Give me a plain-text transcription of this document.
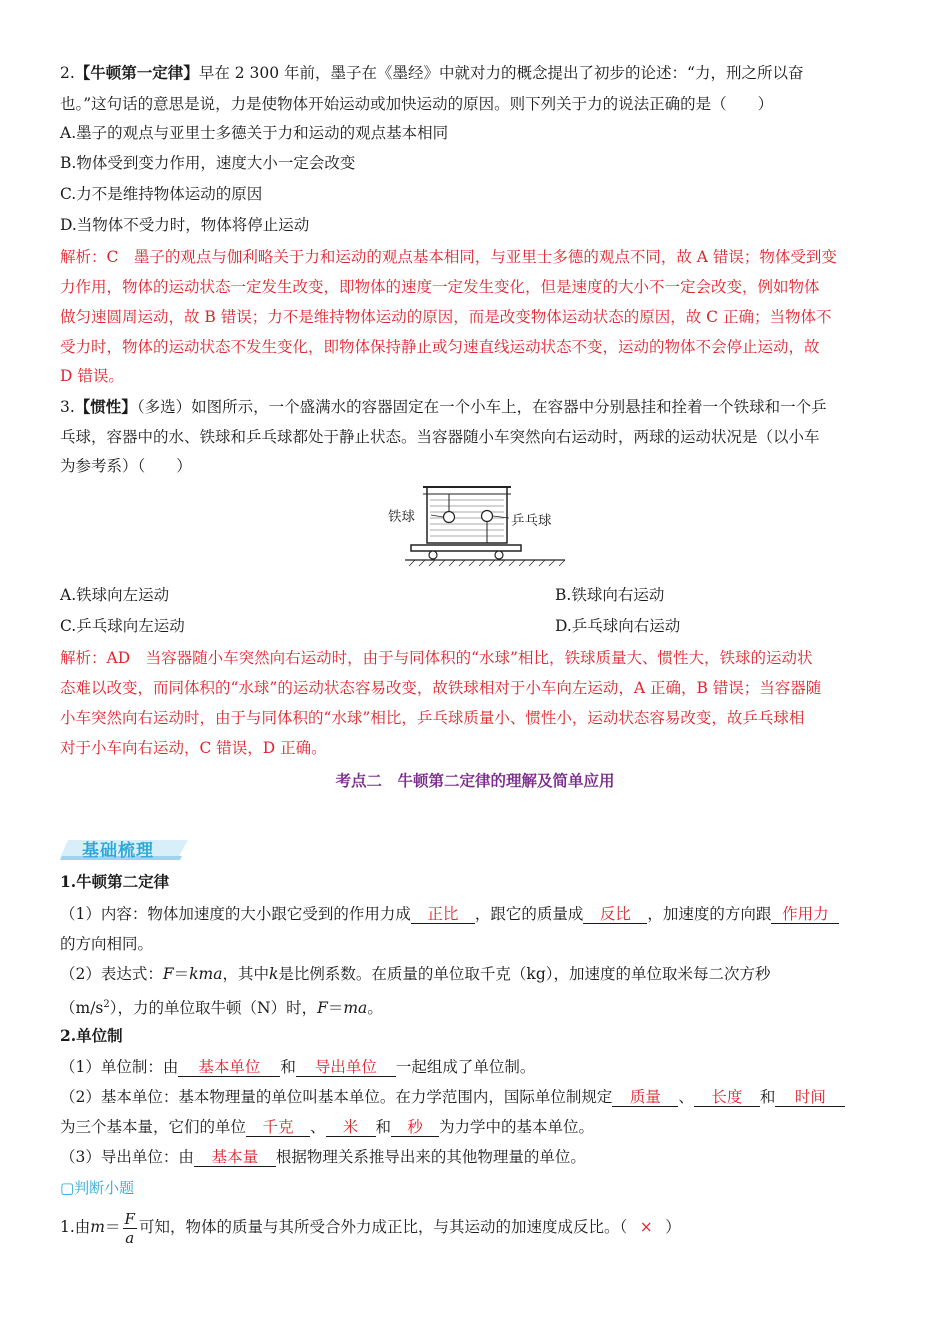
2.【牛顿第一定律】早在 2 300 年前，墨子在《墨经》中就对力的概念提出了初步的论述：“力，刑之所以奋
也。”这句话的意思是说，力是使物体开始运动或加快运动的原因。则下列关于力的说法正确的是（　　）
A.墨子的观点与亚里士多德关于力和运动的观点基本相同
B.物体受到变力作用，速度大小一定会改变
C.力不是维持物体运动的原因
D.当物体不受力时，物体将停止运动
解析：C　墨子的观点与伽利略关于力和运动的观点基本相同，与亚里士多德的观点不同，故 A 错误；物体受到变
力作用，物体的运动状态一定发生改变，即物体的速度一定发生变化，但是速度的大小不一定会改变，例如物体
做匀速圆周运动，故 B 错误；力不是维持物体运动的原因，而是改变物体运动状态的原因，故 C 正确；当物体不
受力时，物体的运动状态不发生变化，即物体保持静止或匀速直线运动状态不变，运动的物体不会停止运动，故
D 错误。
3.【惯性】（多选）如图所示，一个盛满水的容器固定在一个小车上，在容器中分别悬挂和拴着一个铁球和一个乒
乓球，容器中的水、铁球和乒乓球都处于静止状态。当容器随小车突然向右运动时，两球的运动状况是（以小车
为参考系）（　　）
铁球	乒乓球
A.铁球向左运动	B.铁球向右运动
C.乒乓球向左运动	D.乒乓球向右运动
解析：AD　当容器随小车突然向右运动时，由于与同体积的“水球”相比，铁球质量大、惯性大，铁球的运动状
态难以改变，而同体积的“水球”的运动状态容易改变，故铁球相对于小车向左运动，A 正确，B 错误；当容器随
小车突然向右运动时，由于与同体积的“水球”相比，乒乓球质量小、惯性小，运动状态容易改变，故乒乓球相
对于小车向右运动，C 错误，D 正确。
考点二　牛顿第二定律的理解及简单应用
基础梳理
1.牛顿第二定律
（1）内容：物体加速度的大小跟它受到的作用力成 正比 ，跟它的质量成 反比 ，加速度的方向跟 作用力
的方向相同。
（2）表达式：F＝kma，其中k是比例系数。在质量的单位取千克（kg），加速度的单位取米每二次方秒
$(m/s^2)$，力的单位取牛顿（N）时，F＝ma。
2.单位制
（1）单位制：由 基本单位 和 导出单位 一起组成了单位制。
（2）基本单位：基本物理量的单位叫基本单位。在力学范围内，国际单位制规定 质量 、 长度 和 时间
为三个基本量，它们的单位 千克 、 米 和 秒 为力学中的基本单位。
（3）导出单位：由 基本量 根据物理关系推导出来的其他物理量的单位。
▢判断小题
1.由$m= \frac{F}{a}$ 可知，物体的质量与其所受合外力成正比，与其运动的加速度成反比。（ × ）
